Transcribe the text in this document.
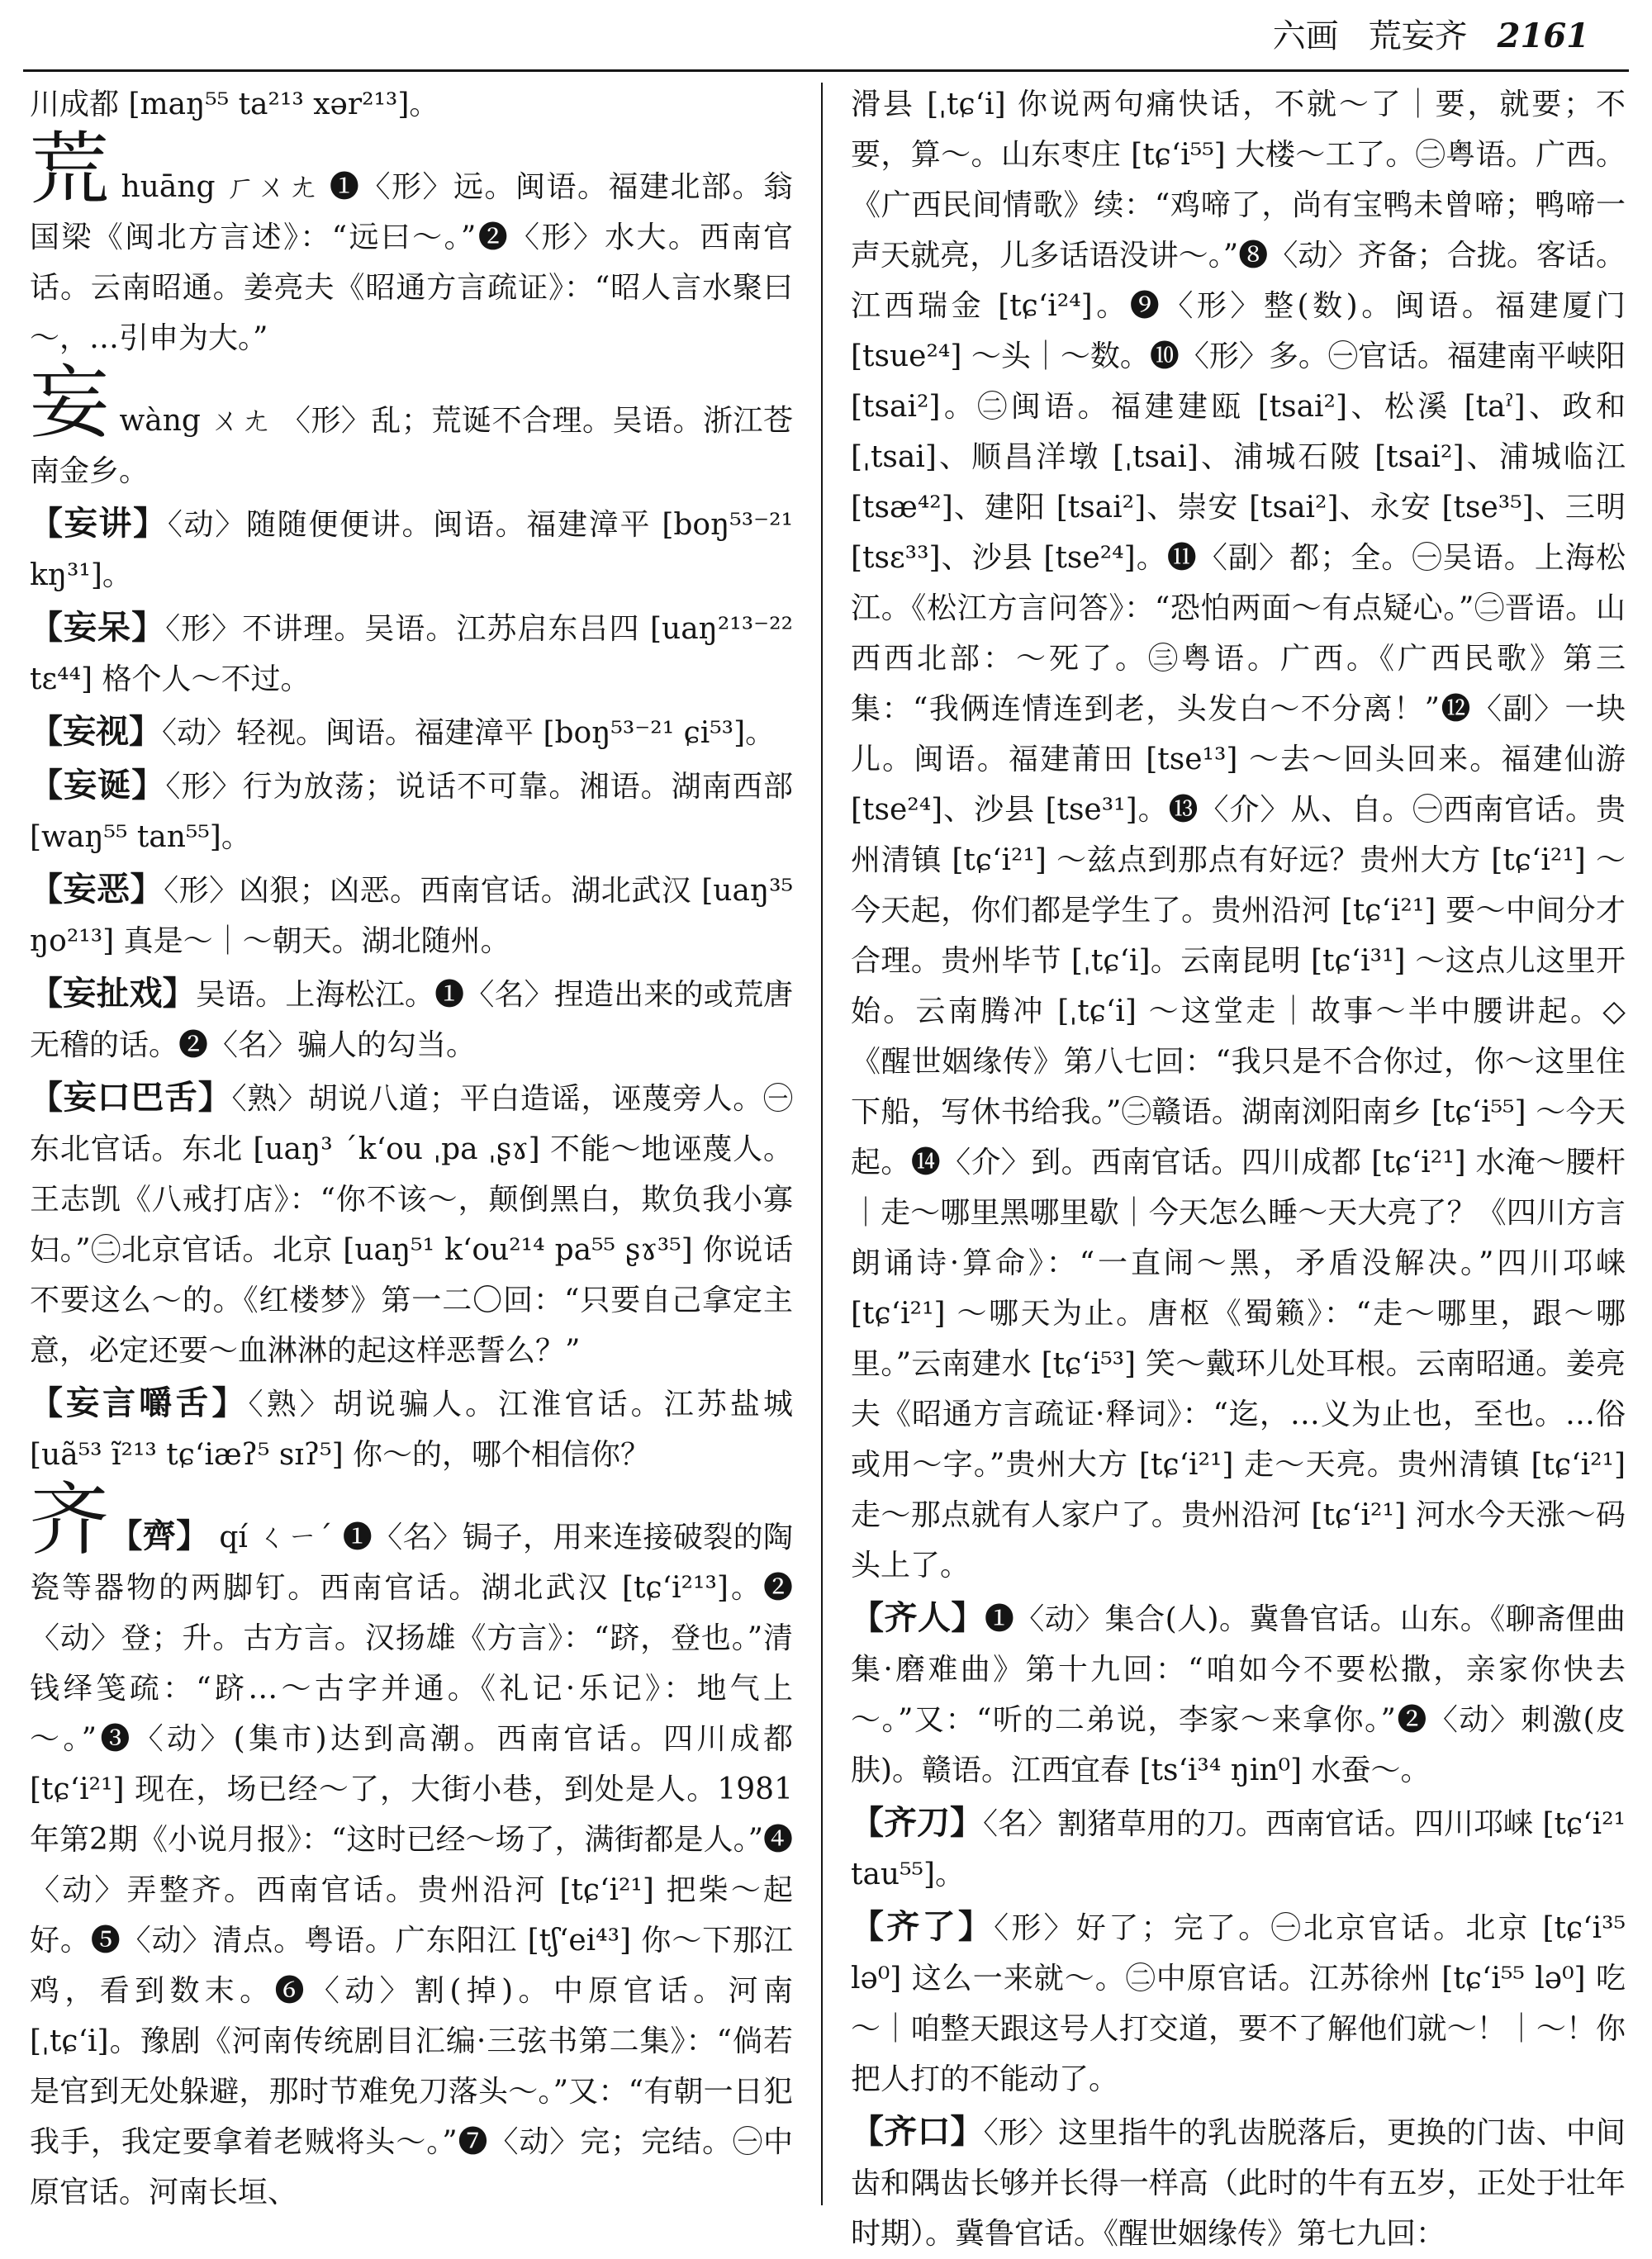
六画 荒妄齐 2161
川成都 [maŋ⁵⁵ ta²¹³ xər²¹³]。
荒 huāng ㄏㄨㄤ ❶〈形〉远。闽语。福建北部。翁国梁《闽北方言述》：“远曰～。”❷〈形〉水大。西南官话。云南昭通。姜亮夫《昭通方言疏证》：“昭人言水聚曰～，…引申为大。”
妄 wàng ㄨㄤ 〈形〉乱；荒诞不合理。吴语。浙江苍南金乡。
【妄讲】〈动〉随随便便讲。闽语。福建漳平 [boŋ⁵³⁻²¹ kŋ³¹]。
【妄呆】〈形〉不讲理。吴语。江苏启东吕四 [uaŋ²¹³⁻²² tɛ⁴⁴] 格个人～不过。
【妄视】〈动〉轻视。闽语。福建漳平 [boŋ⁵³⁻²¹ ɕi⁵³]。
【妄诞】〈形〉行为放荡；说话不可靠。湘语。湖南西部 [waŋ⁵⁵ tan⁵⁵]。
【妄恶】〈形〉凶狠；凶恶。西南官话。湖北武汉 [uaŋ³⁵ ŋo²¹³] 真是～｜～朝天。湖北随州。
【妄扯戏】吴语。上海松江。❶〈名〉捏造出来的或荒唐无稽的话。❷〈名〉骗人的勾当。
【妄口巴舌】〈熟〉胡说八道；平白造谣，诬蔑旁人。㊀东北官话。东北 [uaŋ³ ˊk‘ou ˌpa ˌʂɤ] 不能～地诬蔑人。王志凯《八戒打店》：“你不该～，颠倒黑白，欺负我小寡妇。”㊁北京官话。北京 [uaŋ⁵¹ k‘ou²¹⁴ pa⁵⁵ ʂɤ³⁵] 你说话不要这么～的。《红楼梦》第一二〇回：“只要自己拿定主意，必定还要～血淋淋的起这样恶誓么？”
【妄言嚼舌】〈熟〉胡说骗人。江淮官话。江苏盐城 [uã⁵³ ĩ²¹³ tɕ‘iæʔ⁵ sɪʔ⁵] 你～的，哪个相信你？
齐【齊】 qí ㄑㄧˊ ❶〈名〉锔子，用来连接破裂的陶瓷等器物的两脚钉。西南官话。湖北武汉 [tɕ‘i²¹³]。❷〈动〉登；升。古方言。汉扬雄《方言》：“跻，登也。”清钱绎笺疏：“跻…～古字并通。《礼记·乐记》：地气上～。”❸〈动〉(集市)达到高潮。西南官话。四川成都 [tɕ‘i²¹] 现在，场已经～了，大街小巷，到处是人。1981年第2期《小说月报》：“这时已经～场了，满街都是人。”❹〈动〉弄整齐。西南官话。贵州沿河 [tɕ‘i²¹] 把柴～起好。❺〈动〉清点。粤语。广东阳江 [tʃ‘ei⁴³] 你～下那江鸡，看到数末。❻〈动〉割(掉)。中原官话。河南 [ˌtɕ‘i]。豫剧《河南传统剧目汇编·三弦书第二集》：“倘若是官到无处躲避，那时节难免刀落头～。”又：“有朝一日犯我手，我定要拿着老贼将头～。”❼〈动〉完；完结。㊀中原官话。河南长垣、
滑县 [ˌtɕ‘i] 你说两句痛快话，不就～了｜要，就要；不要，算～。山东枣庄 [tɕ‘i⁵⁵] 大楼～工了。㊁粤语。广西。《广西民间情歌》续：“鸡啼了，尚有宝鸭未曾啼；鸭啼一声天就亮，儿多话语没讲～。”❽〈动〉齐备；合拢。客话。江西瑞金 [tɕ‘i²⁴]。❾〈形〉整(数)。闽语。福建厦门 [tsue²⁴] ～头｜～数。❿〈形〉多。㊀官话。福建南平峡阳 [tsai²]。㊁闽语。福建建瓯 [tsai²]、松溪 [taˀ]、政和 [ˌtsai]、顺昌洋墩 [ˌtsai]、浦城石陂 [tsai²]、浦城临江 [tsæ⁴²]、建阳 [tsai²]、崇安 [tsai²]、永安 [tse³⁵]、三明 [tsɛ³³]、沙县 [tse²⁴]。⓫〈副〉都；全。㊀吴语。上海松江。《松江方言问答》：“恐怕两面～有点疑心。”㊁晋语。山西西北部：～死了。㊂粤语。广西。《广西民歌》第三集：“我俩连情连到老，头发白～不分离！”⓬〈副〉一块儿。闽语。福建莆田 [tse¹³] ～去～回头回来。福建仙游 [tse²⁴]、沙县 [tse³¹]。⓭〈介〉从、自。㊀西南官话。贵州清镇 [tɕ‘i²¹] ～兹点到那点有好远？贵州大方 [tɕ‘i²¹] ～今天起，你们都是学生了。贵州沿河 [tɕ‘i²¹] 要～中间分才合理。贵州毕节 [ˌtɕ‘i]。云南昆明 [tɕ‘i³¹] ～这点儿这里开始。云南腾冲 [ˌtɕ‘i] ～这堂走｜故事～半中腰讲起。◇《醒世姻缘传》第八七回：“我只是不合你过，你～这里住下船，写休书给我。”㊁赣语。湖南浏阳南乡 [tɕ‘i⁵⁵] ～今天起。⓮〈介〉到。西南官话。四川成都 [tɕ‘i²¹] 水淹～腰杆｜走～哪里黑哪里歇｜今天怎么睡～天大亮了？《四川方言朗诵诗·算命》：“一直闹～黑，矛盾没解决。”四川邛崃 [tɕ‘i²¹] ～哪天为止。唐枢《蜀籁》：“走～哪里，跟～哪里。”云南建水 [tɕ‘i⁵³] 笑～戴环儿处耳根。云南昭通。姜亮夫《昭通方言疏证·释词》：“迄，…义为止也，至也。…俗或用～字。”贵州大方 [tɕ‘i²¹] 走～天亮。贵州清镇 [tɕ‘i²¹] 走～那点就有人家户了。贵州沿河 [tɕ‘i²¹] 河水今天涨～码头上了。
【齐人】❶〈动〉集合(人)。冀鲁官话。山东。《聊斋俚曲集·磨难曲》第十九回：“咱如今不要松撒，亲家你快去～。”又：“听的二弟说，李家～来拿你。”❷〈动〉刺激(皮肤)。赣语。江西宜春 [ts‘i³⁴ ŋin⁰] 水蚕～。
【齐刀】〈名〉割猪草用的刀。西南官话。四川邛崃 [tɕ‘i²¹ tau⁵⁵]。
【齐了】〈形〉好了；完了。㊀北京官话。北京 [tɕ‘i³⁵ lə⁰] 这么一来就～。㊁中原官话。江苏徐州 [tɕ‘i⁵⁵ lə⁰] 吃～｜咱整天跟这号人打交道，要不了解他们就～！｜～！你把人打的不能动了。
【齐口】〈形〉这里指牛的乳齿脱落后，更换的门齿、中间齿和隅齿长够并长得一样高（此时的牛有五岁，正处于壮年时期）。冀鲁官话。《醒世姻缘传》第七九回：
